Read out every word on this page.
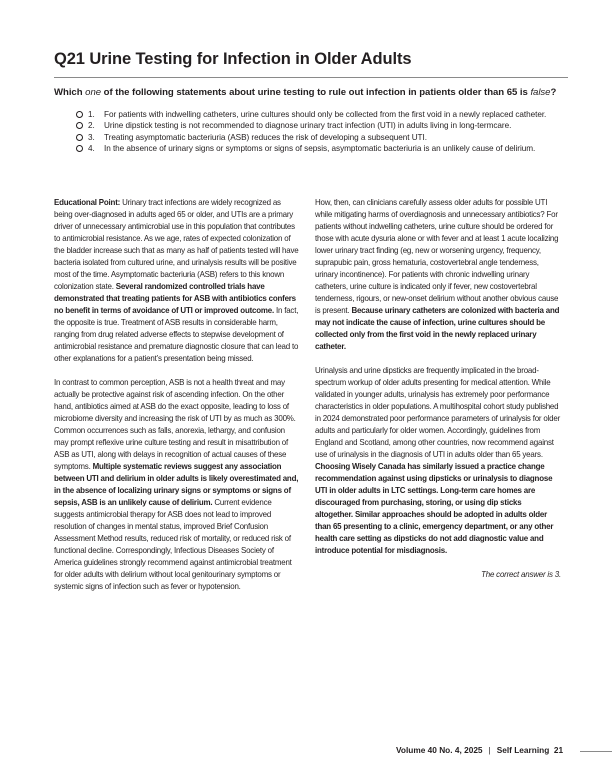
Q21 Urine Testing for Infection in Older Adults
Which one of the following statements about urine testing to rule out infection in patients older than 65 is false?
1. For patients with indwelling catheters, urine cultures should only be collected from the first void in a newly replaced catheter.
2. Urine dipstick testing is not recommended to diagnose urinary tract infection (UTI) in adults living in long-termcare.
3. Treating asymptomatic bacteriuria (ASB) reduces the risk of developing a subsequent UTI.
4. In the absence of urinary signs or symptoms or signs of sepsis, asymptomatic bacteriuria is an unlikely cause of delirium.

Educational Point: Urinary tract infections are widely recognized as being over-diagnosed in adults aged 65 or older, and UTIs are a primary driver of unnecessary antimicrobial use in this population that contributes to antimicrobial resistance. As we age, rates of expected colonization of the bladder increase such that as many as half of patients tested will have bacteria isolated from cultured urine, and urinalysis results will be positive most of the time. Asymptomatic bacteriuria (ASB) refers to this known colonization state. Several randomized controlled trials have demonstrated that treating patients for ASB with antibiotics confers no benefit in terms of avoidance of UTI or improved outcome. In fact, the opposite is true. Treatment of ASB results in considerable harm, ranging from drug related adverse effects to stepwise development of antimicrobial resistance and premature diagnostic closure that can lead to other explanations for a patient’s presentation being missed.

In contrast to common perception, ASB is not a health threat and may actually be protective against risk of ascending infection. On the other hand, antibiotics aimed at ASB do the exact opposite, leading to loss of microbiome diversity and increasing the risk of UTI by as much as 300%. Common occurrences such as falls, anorexia, lethargy, and confusion may prompt reflexive urine culture testing and result in misattribution of ASB as UTI, along with delays in recognition of actual causes of these symptoms. Multiple systematic reviews suggest any association between UTI and delirium in older adults is likely overestimated and, in the absence of localizing urinary signs or symptoms or signs of sepsis, ASB is an unlikely cause of delirium. Current evidence suggests antimicrobial therapy for ASB does not lead to improved resolution of changes in mental status, improved Brief Confusion Assessment Method results, reduced risk of mortality, or reduced risk of functional decline. Correspondingly, Infectious Diseases Society of America guidelines strongly recommend against antimicrobial treatment for older adults with delirium without local genitourinary symptoms or systemic signs of infection such as fever or hypotension.

How, then, can clinicians carefully assess older adults for possible UTI while mitigating harms of overdiagnosis and unnecessary antibiotics? For patients without indwelling catheters, urine culture should be ordered for those with acute dysuria alone or with fever and at least 1 acute localizing lower urinary tract finding (eg, new or worsening urgency, frequency, suprapubic pain, gross hematuria, costovertebral angle tenderness, urinary incontinence). For patients with chronic indwelling urinary catheters, urine culture is indicated only if fever, new costovertebral tenderness, rigours, or new-onset delirium without another obvious cause is present. Because urinary catheters are colonized with bacteria and may not indicate the cause of infection, urine cultures should be collected only from the first void in the newly replaced urinary catheter.

Urinalysis and urine dipsticks are frequently implicated in the broad-spectrum workup of older adults presenting for medical attention. While validated in younger adults, urinalysis has extremely poor performance characteristics in older populations. A multihospital cohort study published in 2024 demonstrated poor performance parameters of urinalysis for older adults and particularly for older women. Accordingly, guidelines from England and Scotland, among other countries, now recommend against use of urinalysis in the diagnosis of UTI in adults older than 65 years. Choosing Wisely Canada has similarly issued a practice change recommendation against using dipsticks or urinalysis to diagnose UTI in older adults in LTC settings. Long-term care homes are discouraged from purchasing, storing, or using dip sticks altogether. Similar approaches should be adopted in adults older than 65 presenting to a clinic, emergency department, or any other health care setting as dipsticks do not add diagnostic value and introduce potential for misdiagnosis.

The correct answer is 3.

Volume 40 No. 4, 2025 | Self Learning 21
